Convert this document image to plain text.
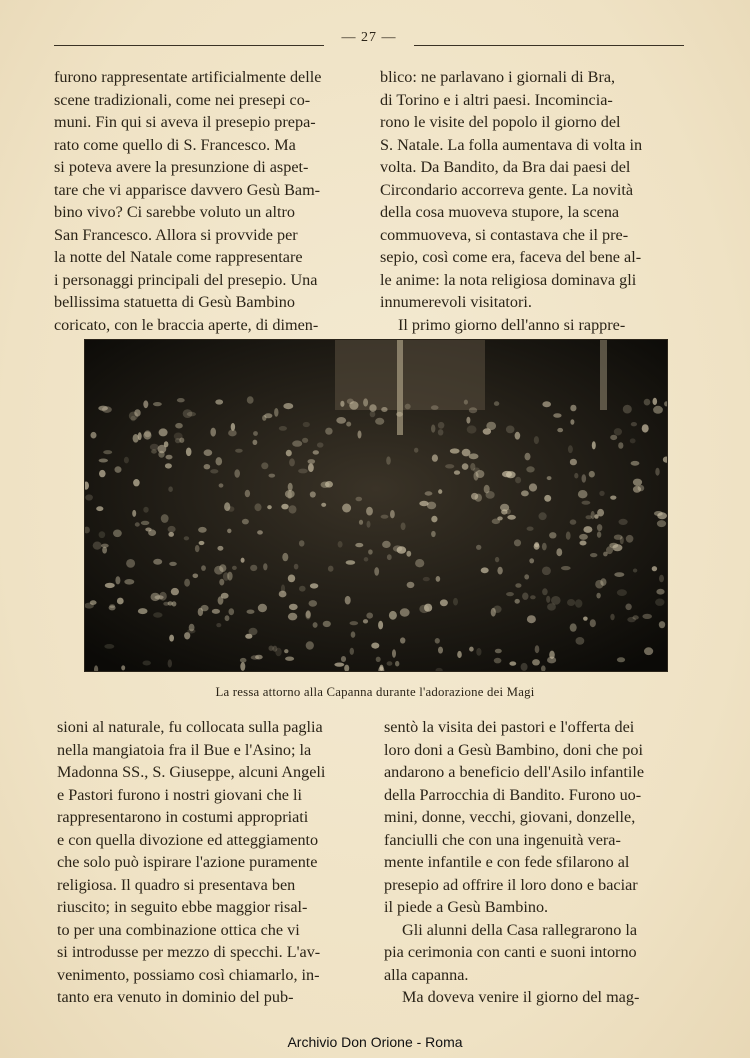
— 27 —
furono rappresentate artificialmente delle
scene tradizionali, come nei presepi co-
muni. Fin qui si aveva il presepio prepa-
rato come quello di S. Francesco. Ma
si poteva avere la presunzione di aspet-
tare che vi apparisce davvero Gesù Bam-
bino vivo? Ci sarebbe voluto un altro
San Francesco. Allora si provvide per
la notte del Natale come rappresentare
i personaggi principali del presepio. Una
bellissima statuetta di Gesù Bambino
coricato, con le braccia aperte, di dimen-
blico: ne parlavano i giornali di Bra,
di Torino e i altri paesi. Incominciа-
rono le visite del popolo il giorno del
S. Natale. La folla aumentava di volta in
volta. Da Bandito, da Bra dai paesi del
Circondario accorreva gente. La novità
della cosa muoveva stupore, la scena
commuoveva, si contastava che il pre-
sepio, così come era, faceva del bene al-
le anime: la nota religiosa dominava gli
innumerevoli visitatori.
Il primo giorno dell'anno si rappre-
La ressa attorno alla Capanna durante l'adorazione dei Magi
sioni al naturale, fu collocata sulla paglia
nella mangiatoia fra il Bue e l'Asino; la
Madonna SS., S. Giuseppe, alcuni Angeli
e Pastori furono i nostri giovani che li
rappresentarono in costumi appropriati
e con quella divozione ed atteggiamento
che solo può ispirare l'azione puramente
religiosa. Il quadro si presentava ben
riuscito; in seguito ebbe maggior risal-
to per una combinazione ottica che vi
si introdusse per mezzo di specchi. L'av-
venimento, possiamo così chiamarlo, in-
tanto era venuto in dominio del pub-
sentò la visita dei pastori e l'offerta dei
loro doni a Gesù Bambino, doni che poi
andarono a beneficio dell'Asilo infantile
della Parrocchia di Bandito. Furono uo-
mini, donne, vecchi, giovani, donzelle,
fanciulli che con una ingenuità vera-
mente infantile e con fede sfilarono al
presepio ad offrire il loro dono e baciar
il piede a Gesù Bambino.
Gli alunni della Casa rallegrarono la
pia cerimonia con canti e suoni intorno
alla capanna.
Ma doveva venire il giorno del mag-
Archivio Don Orione - Roma
